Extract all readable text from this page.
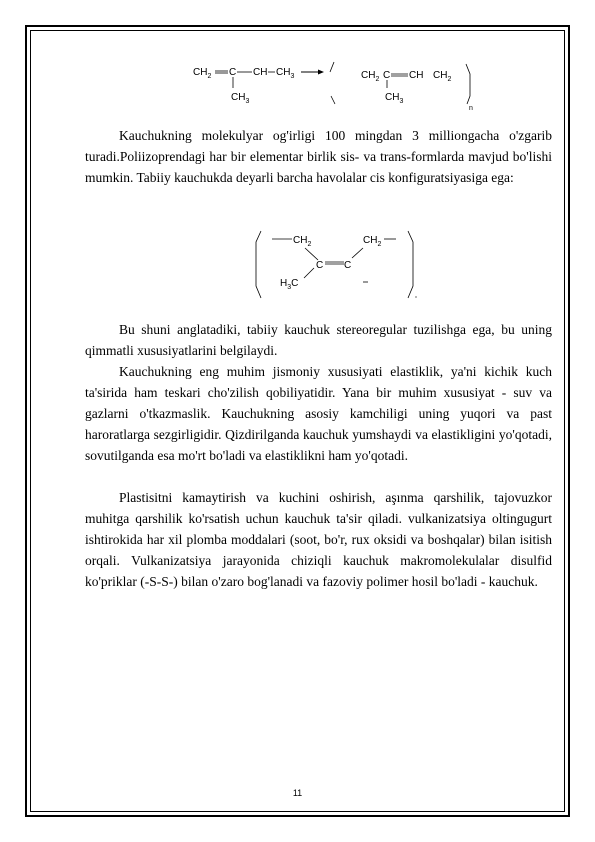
$CH_2$ C CH $CH_3$
$CH_3$
$CH_2$ C CH $CH_2$
$CH_3$
n

Kauchukning molekulyar og'irligi 100 mingdan 3 milliongacha o'zgarib turadi.Poliizoprendagi har bir elementar birlik sis- va trans-formlarda mavjud bo'lishi mumkin. Tabiiy kauchukda deyarli barcha havolalar cis konfiguratsiyasiga ega:

$CH_2$
C C
$CH_2$
$H_3C$

Bu shuni anglatadiki, tabiiy kauchuk stereoregular tuzilishga ega, bu uning qimmatli xususiyatlarini belgilaydi.

Kauchukning eng muhim jismoniy xususiyati elastiklik, ya'ni kichik kuch ta'sirida ham teskari cho'zilish qobiliyatidir. Yana bir muhim xususiyat - suv va gazlarni o'tkazmaslik. Kauchukning asosiy kamchiligi uning yuqori va past haroratlarga sezgirligidir. Qizdirilganda kauchuk yumshaydi va elastikligini yo'qotadi, sovutilganda esa mo'rt bo'ladi va elastiklikni ham yo'qotadi.

Plastisitni kamaytirish va kuchini oshirish, aşınma qarshilik, tajovuzkor muhitga qarshilik ko'rsatish uchun kauchuk ta'sir qiladi. vulkanizatsiya oltingugurt ishtirokida har xil plomba moddalari (soot, bo'r, rux oksidi va boshqalar) bilan isitish orqali. Vulkanizatsiya jarayonida chiziqli kauchuk makromolekulalar disulfid ko'priklar (-S-S-) bilan o'zaro bog'lanadi va fazoviy polimer hosil bo'ladi - kauchuk.

11
